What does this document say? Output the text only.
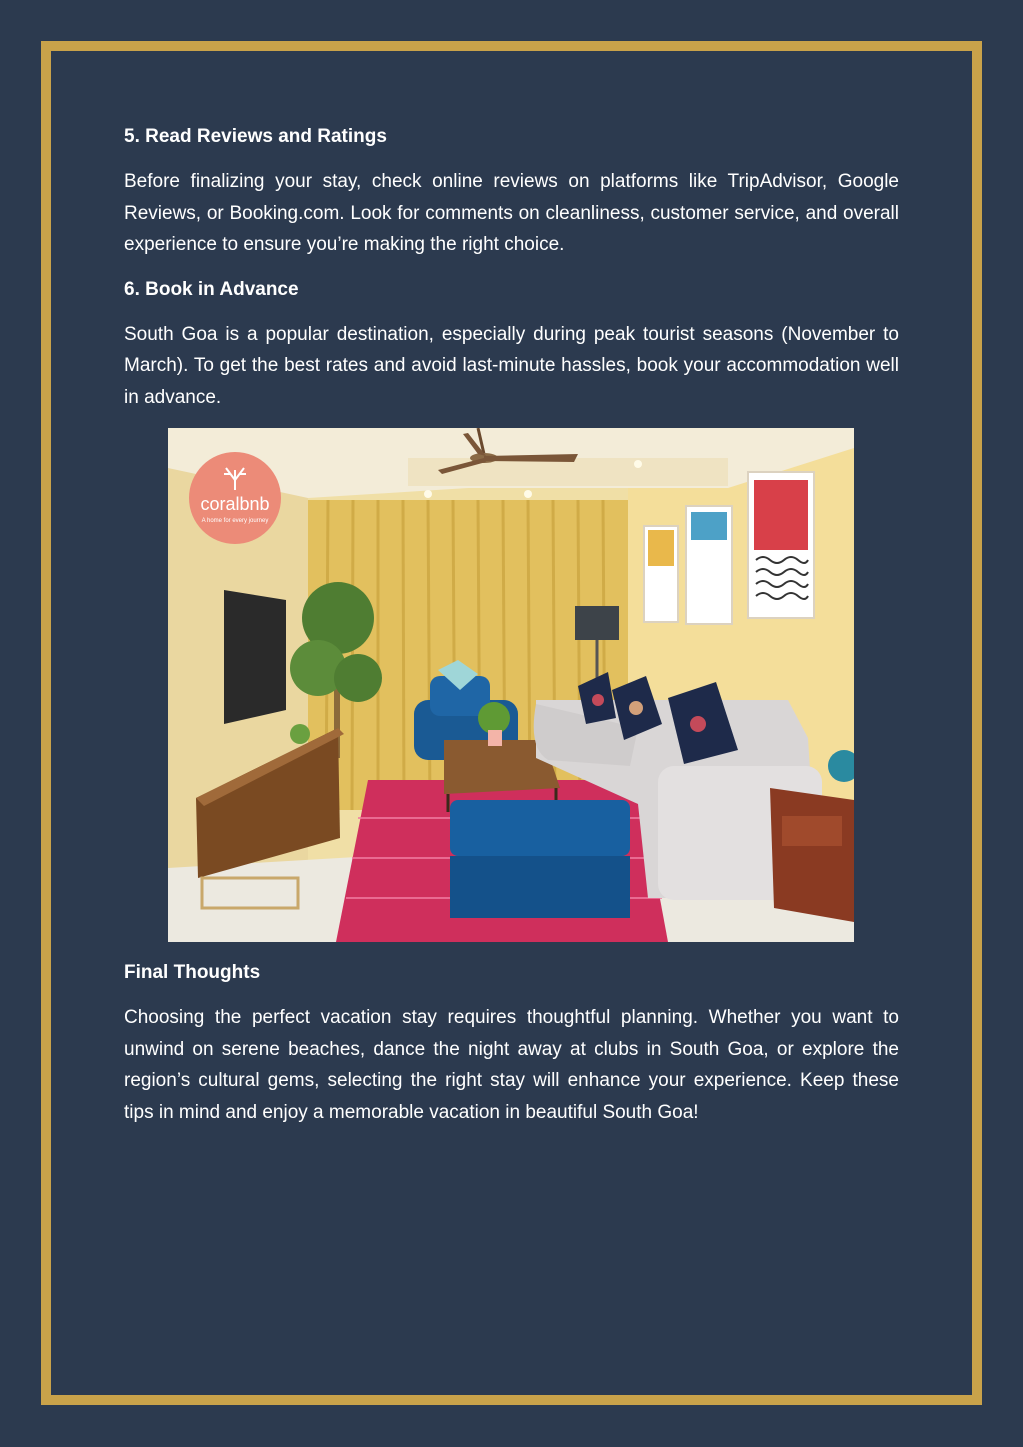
5. Read Reviews and Ratings

Before finalizing your stay, check online reviews on platforms like TripAdvisor, Google Reviews, or Booking.com. Look for comments on cleanliness, customer service, and overall experience to ensure you’re making the right choice.

6. Book in Advance

South Goa is a popular destination, especially during peak tourist seasons (November to March). To get the best rates and avoid last-minute hassles, book your accommodation well in advance.

coralbnb
A home for every journey
Final Thoughts

Choosing the perfect vacation stay requires thoughtful planning. Whether you want to unwind on serene beaches, dance the night away at clubs in South Goa, or explore the region’s cultural gems, selecting the right stay will enhance your experience. Keep these tips in mind and enjoy a memorable vacation in beautiful South Goa!
